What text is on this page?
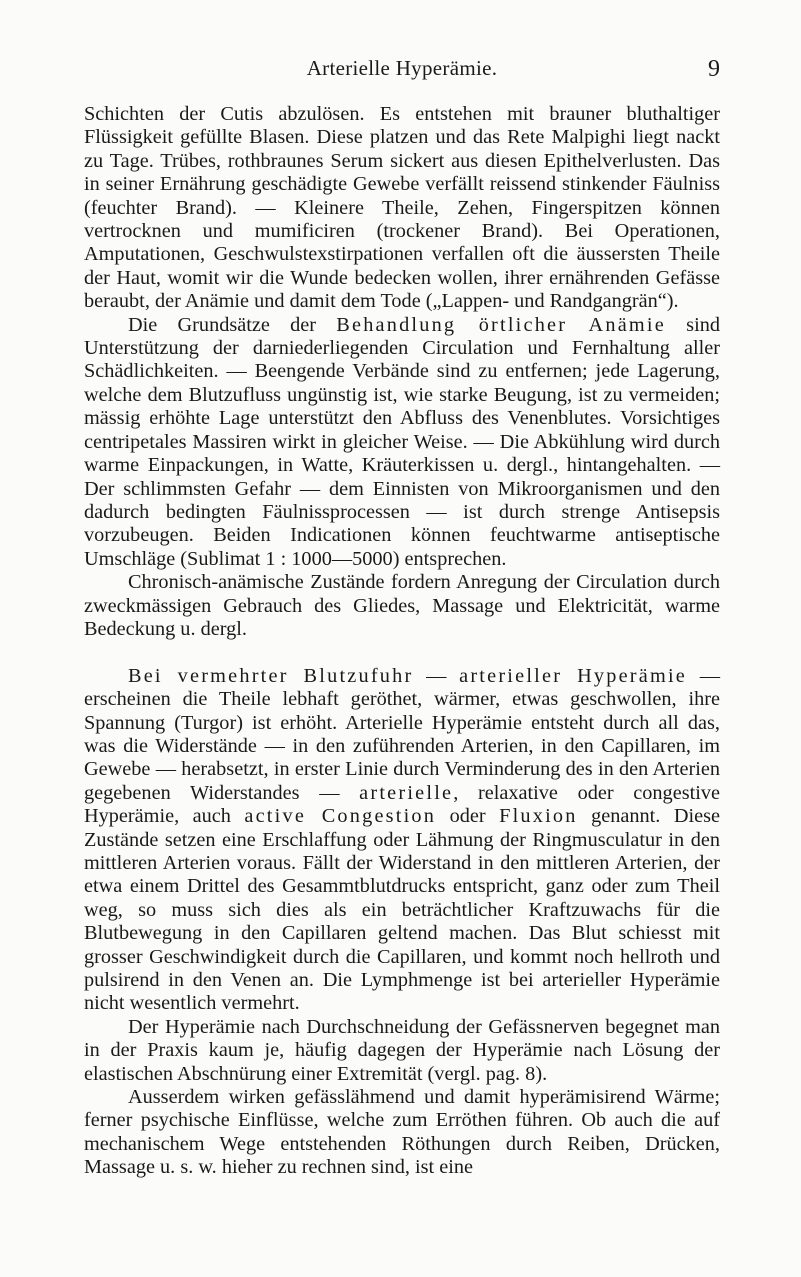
Arterielle Hyperämie.	9

Schichten der Cutis abzulösen. Es entstehen mit brauner bluthaltiger Flüssigkeit gefüllte Blasen. Diese platzen und das Rete Malpighi liegt nackt zu Tage. Trübes, rothbraunes Serum sickert aus diesen Epithelverlusten. Das in seiner Ernährung geschädigte Gewebe verfällt reissend stinkender Fäulniss (feuchter Brand). — Kleinere Theile, Zehen, Fingerspitzen können vertrocknen und mumificiren (trockener Brand). Bei Operationen, Amputationen, Geschwulstexstirpationen verfallen oft die äussersten Theile der Haut, womit wir die Wunde bedecken wollen, ihrer ernährenden Gefässe beraubt, der Anämie und damit dem Tode („Lappen- und Randgangrän“).

Die Grundsätze der Behandlung örtlicher Anämie sind Unterstützung der darniederliegenden Circulation und Fernhaltung aller Schädlichkeiten. — Beengende Verbände sind zu entfernen; jede Lagerung, welche dem Blutzufluss ungünstig ist, wie starke Beugung, ist zu vermeiden; mässig erhöhte Lage unterstützt den Abfluss des Venenblutes. Vorsichtiges centripetales Massiren wirkt in gleicher Weise. — Die Abkühlung wird durch warme Einpackungen, in Watte, Kräuterkissen u. dergl., hintangehalten. — Der schlimmsten Gefahr — dem Einnisten von Mikroorganismen und den dadurch bedingten Fäulnissprocessen — ist durch strenge Antisepsis vorzubeugen. Beiden Indicationen können feuchtwarme antiseptische Umschläge (Sublimat 1 : 1000—5000) entsprechen.

Chronisch-anämische Zustände fordern Anregung der Circulation durch zweckmässigen Gebrauch des Gliedes, Massage und Elektricität, warme Bedeckung u. dergl.

Bei vermehrter Blutzufuhr — arterieller Hyperämie — erscheinen die Theile lebhaft geröthet, wärmer, etwas geschwollen, ihre Spannung (Turgor) ist erhöht. Arterielle Hyperämie entsteht durch all das, was die Widerstände — in den zuführenden Arterien, in den Capillaren, im Gewebe — herabsetzt, in erster Linie durch Verminderung des in den Arterien gegebenen Widerstandes — arterielle, relaxative oder congestive Hyperämie, auch active Congestion oder Fluxion genannt. Diese Zustände setzen eine Erschlaffung oder Lähmung der Ringmusculatur in den mittleren Arterien voraus. Fällt der Widerstand in den mittleren Arterien, der etwa einem Drittel des Gesammtblutdrucks entspricht, ganz oder zum Theil weg, so muss sich dies als ein beträchtlicher Kraftzuwachs für die Blutbewegung in den Capillaren geltend machen. Das Blut schiesst mit grosser Geschwindigkeit durch die Capillaren, und kommt noch hellroth und pulsirend in den Venen an. Die Lymphmenge ist bei arterieller Hyperämie nicht wesentlich vermehrt.

Der Hyperämie nach Durchschneidung der Gefässnerven begegnet man in der Praxis kaum je, häufig dagegen der Hyperämie nach Lösung der elastischen Abschnürung einer Extremität (vergl. pag. 8).

Ausserdem wirken gefässlähmend und damit hyperämisirend Wärme; ferner psychische Einflüsse, welche zum Erröthen führen. Ob auch die auf mechanischem Wege entstehenden Röthungen durch Reiben, Drücken, Massage u. s. w. hieher zu rechnen sind, ist eine
